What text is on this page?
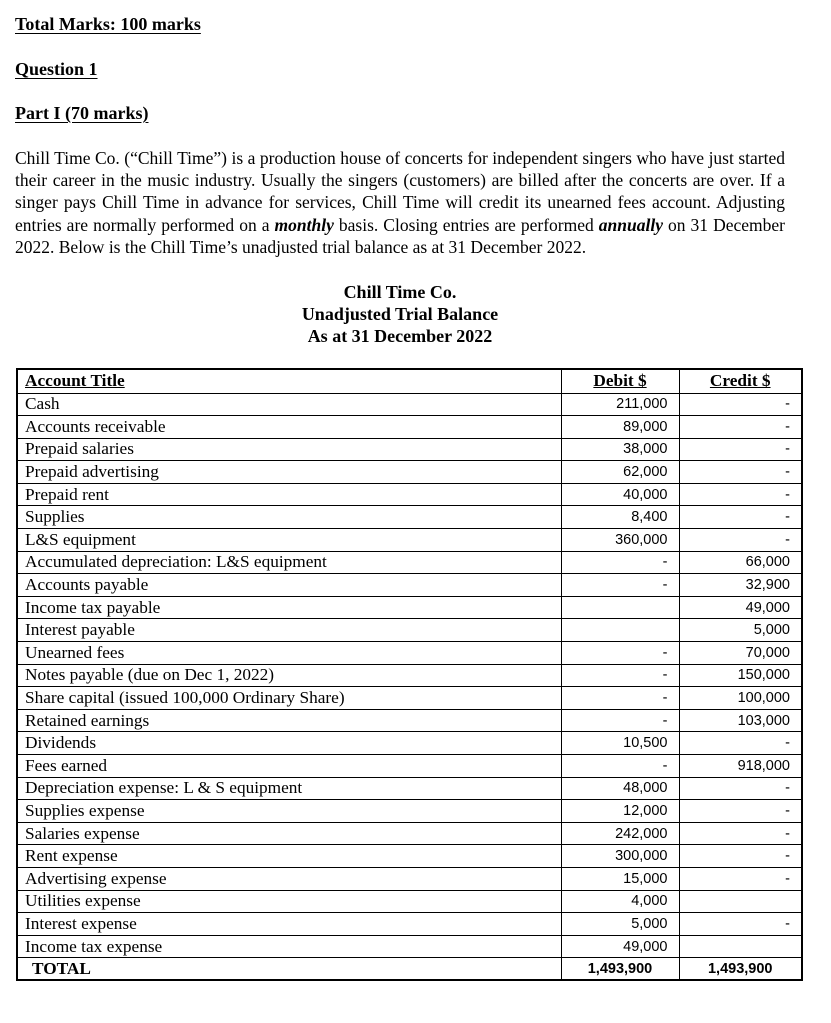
Total Marks: 100 marks
Question 1
Part I (70 marks)

Chill Time Co. (“Chill Time”) is a production house of concerts for independent singers who have just started their career in the music industry. Usually the singers (customers) are billed after the concerts are over. If a singer pays Chill Time in advance for services, Chill Time will credit its unearned fees account. Adjusting entries are normally performed on a monthly basis. Closing entries are performed annually on 31 December 2022. Below is the Chill Time’s unadjusted trial balance as at 31 December 2022.

Chill Time Co.
Unadjusted Trial Balance
As at 31 December 2022
Account Title	Debit $	Credit $
Cash	211,000	-
Accounts receivable	89,000	-
Prepaid salaries	38,000	-
Prepaid advertising	62,000	-
Prepaid rent	40,000	-
Supplies	8,400	-
L&S equipment	360,000	-
Accumulated depreciation: L&S equipment	-	66,000
Accounts payable	-	32,900
Income tax payable		49,000
Interest payable		5,000
Unearned fees	-	70,000
Notes payable (due on Dec 1, 2022)	-	150,000
Share capital (issued 100,000 Ordinary Share)	-	100,000
Retained earnings	-	103,000
Dividends	10,500	-
Fees earned	-	918,000
Depreciation expense: L & S equipment	48,000	-
Supplies expense	12,000	-
Salaries expense	242,000	-
Rent expense	300,000	-
Advertising expense	15,000	-
Utilities expense	4,000	
Interest expense	5,000	-
Income tax expense	49,000	
TOTAL	1,493,900	1,493,900
